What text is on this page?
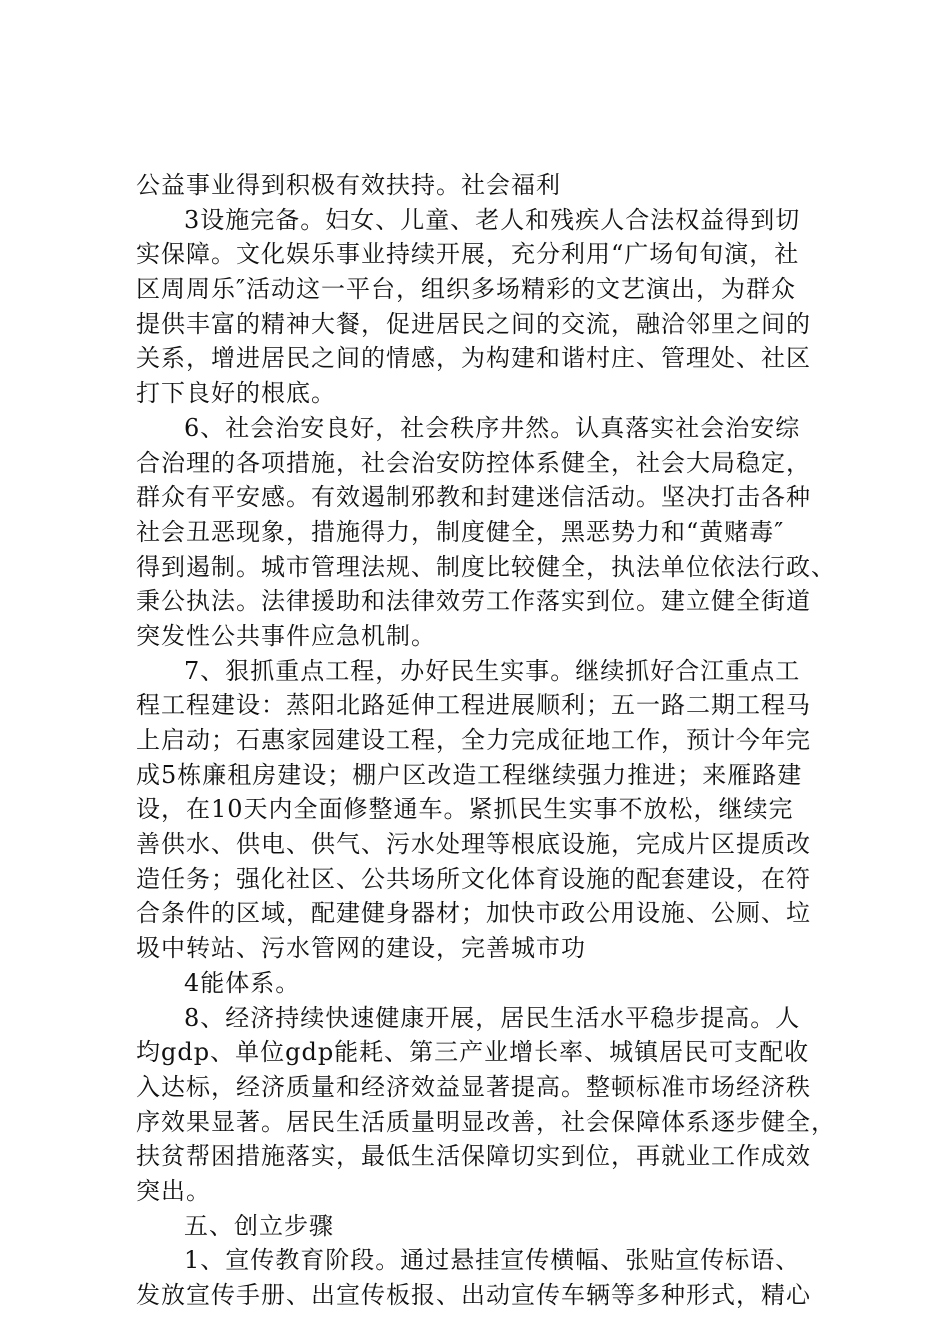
公益事业得到积极有效扶持。社会福利
3设施完备。妇女、儿童、老人和残疾人合法权益得到切
实保障。文化娱乐事业持续开展，充分利用“广场旬旬演，社
区周周乐″活动这一平台，组织多场精彩的文艺演出，为群众
提供丰富的精神大餐，促进居民之间的交流，融洽邻里之间的
关系，增进居民之间的情感，为构建和谐村庄、管理处、社区
打下良好的根底。
6、社会治安良好，社会秩序井然。认真落实社会治安综
合治理的各项措施，社会治安防控体系健全，社会大局稳定，
群众有平安感。有效遏制邪教和封建迷信活动。坚决打击各种
社会丑恶现象，措施得力，制度健全，黑恶势力和“黄赌毒″
得到遏制。城市管理法规、制度比较健全，执法单位依法行政、
秉公执法。法律援助和法律效劳工作落实到位。建立健全街道
突发性公共事件应急机制。
7、狠抓重点工程，办好民生实事。继续抓好合江重点工
程工程建设：蒸阳北路延伸工程进展顺利；五一路二期工程马
上启动；石惠家园建设工程，全力完成征地工作，预计今年完
成5栋廉租房建设；棚户区改造工程继续强力推进；来雁路建
设，在10天内全面修整通车。紧抓民生实事不放松，继续完
善供水、供电、供气、污水处理等根底设施，完成片区提质改
造任务；强化社区、公共场所文化体育设施的配套建设，在符
合条件的区域，配建健身器材；加快市政公用设施、公厕、垃
圾中转站、污水管网的建设，完善城市功
4能体系。
8、经济持续快速健康开展，居民生活水平稳步提高。人
均gdp、单位gdp能耗、第三产业增长率、城镇居民可支配收
入达标，经济质量和经济效益显著提高。整顿标准市场经济秩
序效果显著。居民生活质量明显改善，社会保障体系逐步健全，
扶贫帮困措施落实，最低生活保障切实到位，再就业工作成效
突出。
五、创立步骤
1、宣传教育阶段。通过悬挂宣传横幅、张贴宣传标语、
发放宣传手册、出宣传板报、出动宣传车辆等多种形式，精心
